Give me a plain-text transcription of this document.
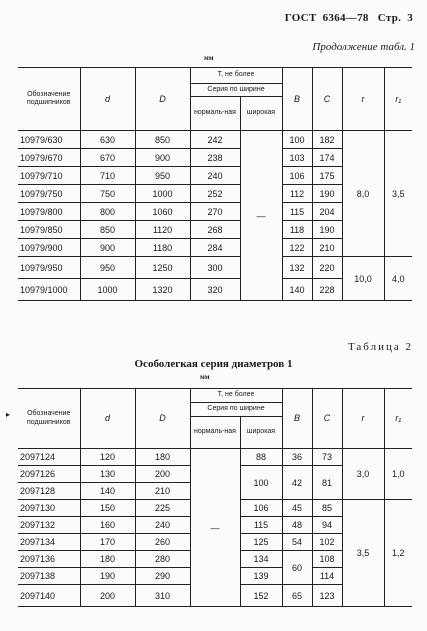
ГОСТ 6364—78 Стр. 3
Продолжение табл. 1
мм
Обозначение подшипников	d	D	T, не более		B	C	r	r₁
			Серия по ширине					
			нормаль-ная	широкая				
10979/630	630	850	242	—	100	182	8,0	3,5
10979/670	670	900	238		103	174		
10979/710	710	950	240		106	175		
10979/750	750	1000	252		112	190		
10979/800	800	1060	270		115	204		
10979/850	850	1120	268		118	190		
10979/900	900	1180	284		122	210		
10979/950	950	1250	300		132	220	10,0	4,0
10979/1000	1000	1320	320		140	228		
Таблица 2
Особолегкая серия диаметров 1
мм
▸ Обозначение подшипников	d	D	T, не более		B	C	r	r₁
			Серия по ширине					
			нормаль-ная	широкая				
2097124	120	180	—	88	36	73	3,0	1,0
2097126	130	200		100	42	81		
2097128	140	210						
2097130	150	225		106	45	85	3,5	1,2
2097132	160	240		115	48	94		
2097134	170	260		125	54	102		
2097136	180	280		134	60	108		
2097138	190	290		139		114		
2097140	200	310		152	65	123		
